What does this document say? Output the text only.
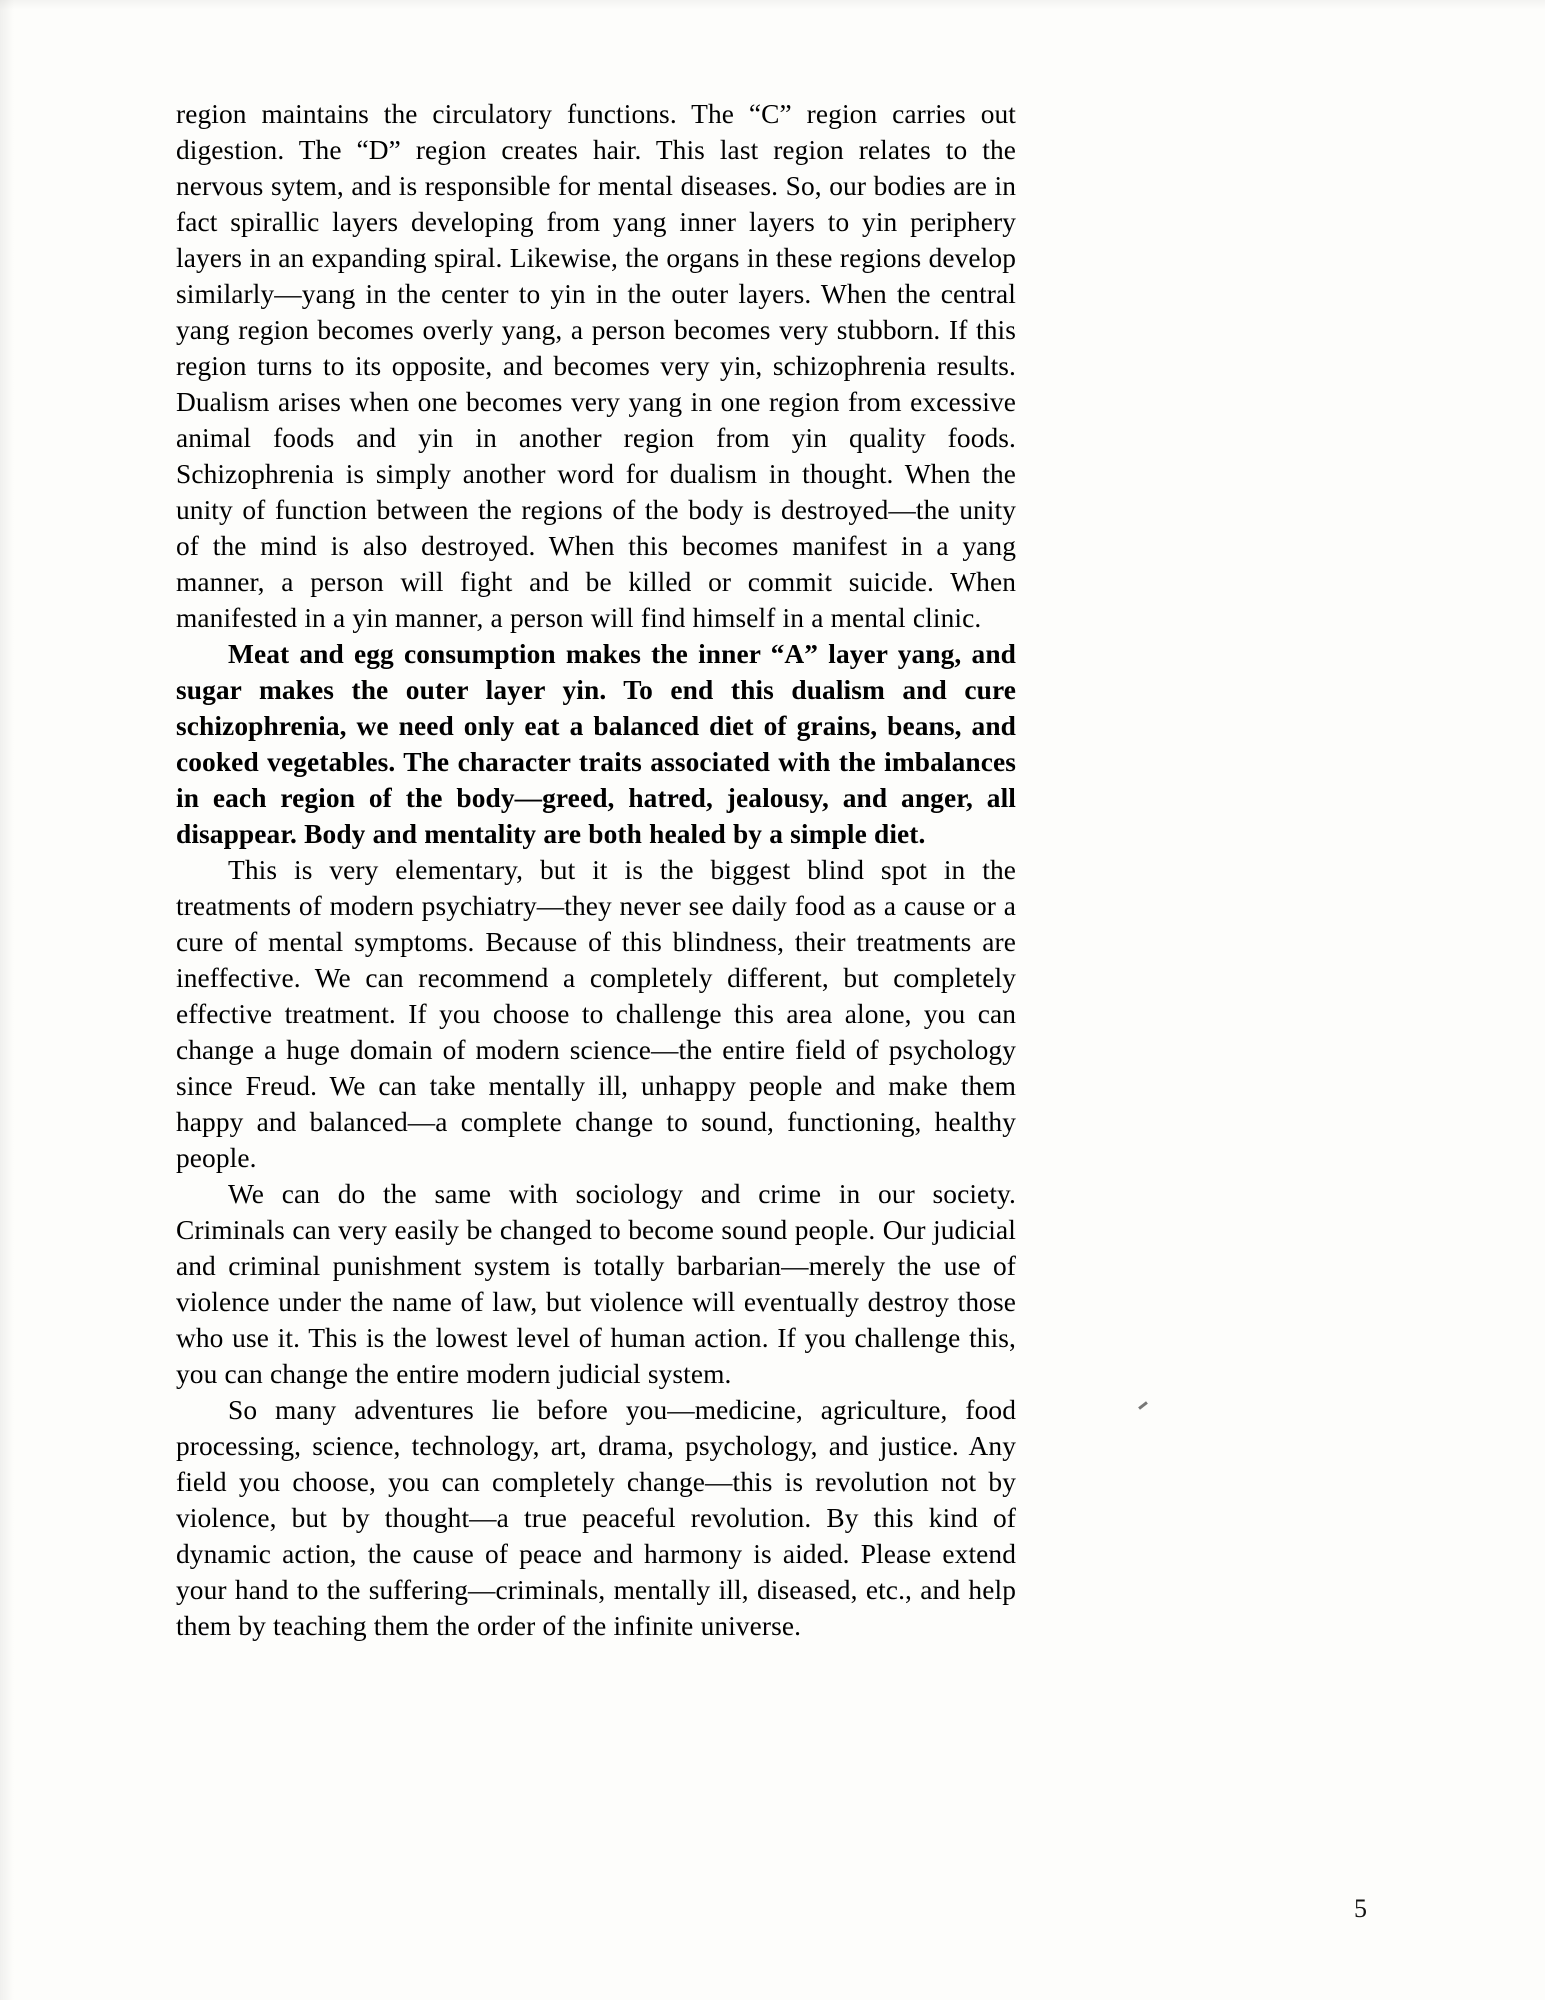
region maintains the circulatory functions. The “C” region carries out digestion. The “D” region creates hair. This last region relates to the nervous sytem, and is responsible for mental diseases. So, our bodies are in fact spirallic layers developing from yang inner layers to yin periphery layers in an expanding spiral. Likewise, the organs in these regions develop similarly—yang in the center to yin in the outer layers. When the central yang region becomes overly yang, a person becomes very stubborn. If this region turns to its opposite, and becomes very yin, schizophrenia results. Dualism arises when one becomes very yang in one region from excessive animal foods and yin in another region from yin quality foods. Schizophrenia is simply another word for dualism in thought. When the unity of function between the regions of the body is destroyed—the unity of the mind is also destroyed. When this becomes manifest in a yang manner, a person will fight and be killed or commit suicide. When manifested in a yin manner, a person will find himself in a mental clinic.

Meat and egg consumption makes the inner “A” layer yang, and sugar makes the outer layer yin. To end this dualism and cure schizophrenia, we need only eat a balanced diet of grains, beans, and cooked vegetables. The character traits associated with the imbalances in each region of the body—greed, hatred, jealousy, and anger, all disappear. Body and mentality are both healed by a simple diet.

This is very elementary, but it is the biggest blind spot in the treatments of modern psychiatry—they never see daily food as a cause or a cure of mental symptoms. Because of this blindness, their treatments are ineffective. We can recommend a completely different, but completely effective treatment. If you choose to challenge this area alone, you can change a huge domain of modern science—the entire field of psychology since Freud. We can take mentally ill, unhappy people and make them happy and balanced—a complete change to sound, functioning, healthy people.

We can do the same with sociology and crime in our society. Criminals can very easily be changed to become sound people. Our judicial and criminal punishment system is totally barbarian—merely the use of violence under the name of law, but violence will eventually destroy those who use it. This is the lowest level of human action. If you challenge this, you can change the entire modern judicial system.

So many adventures lie before you—medicine, agriculture, food processing, science, technology, art, drama, psychology, and justice. Any field you choose, you can completely change—this is revolution not by violence, but by thought—a true peaceful revolution. By this kind of dynamic action, the cause of peace and harmony is aided. Please extend your hand to the suffering—criminals, mentally ill, diseased, etc., and help them by teaching them the order of the infinite universe.

5
